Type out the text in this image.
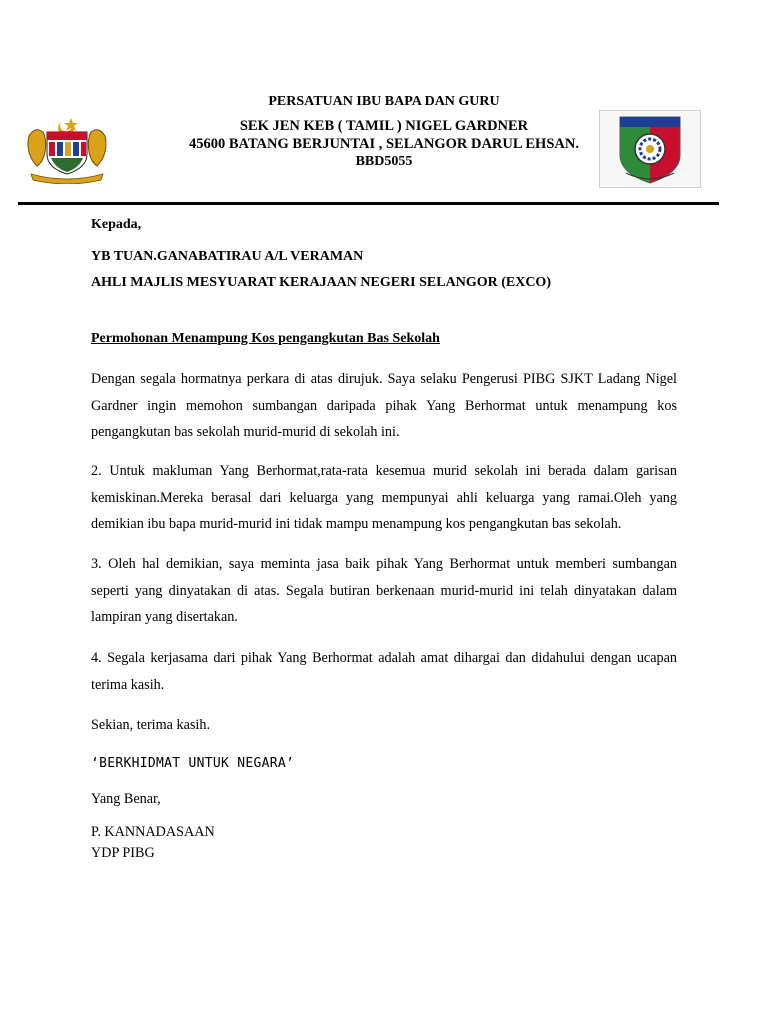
PERSATUAN IBU BAPA DAN GURU
SEK JEN KEB ( TAMIL ) NIGEL GARDNER
45600 BATANG BERJUNTAI , SELANGOR DARUL EHSAN.
BBD5055
Kepada,
YB TUAN.GANABATIRAU A/L VERAMAN
AHLI MAJLIS MESYUARAT KERAJAAN NEGERI SELANGOR (EXCO)
Permohonan Menampung Kos pengangkutan Bas Sekolah

Dengan segala hormatnya perkara di atas dirujuk. Saya selaku Pengerusi PIBG SJKT Ladang Nigel Gardner ingin memohon sumbangan daripada pihak Yang Berhormat untuk menampung kos pengangkutan bas sekolah murid-murid di sekolah ini.

2. Untuk makluman Yang Berhormat,rata-rata kesemua murid sekolah ini berada dalam garisan kemiskinan.Mereka berasal dari keluarga yang mempunyai ahli keluarga yang ramai.Oleh yang demikian ibu bapa murid-murid ini tidak mampu menampung kos pengangkutan bas sekolah.

3. Oleh hal demikian, saya meminta jasa baik pihak Yang Berhormat untuk memberi sumbangan seperti yang dinyatakan di atas. Segala butiran berkenaan murid-murid ini telah dinyatakan dalam lampiran yang disertakan.

4. Segala kerjasama dari pihak Yang Berhormat adalah amat dihargai dan didahului dengan ucapan terima kasih.

Sekian, terima kasih.
‘BERKHIDMAT UNTUK NEGARA’
Yang Benar,
P. KANNADASAAN
YDP PIBG
